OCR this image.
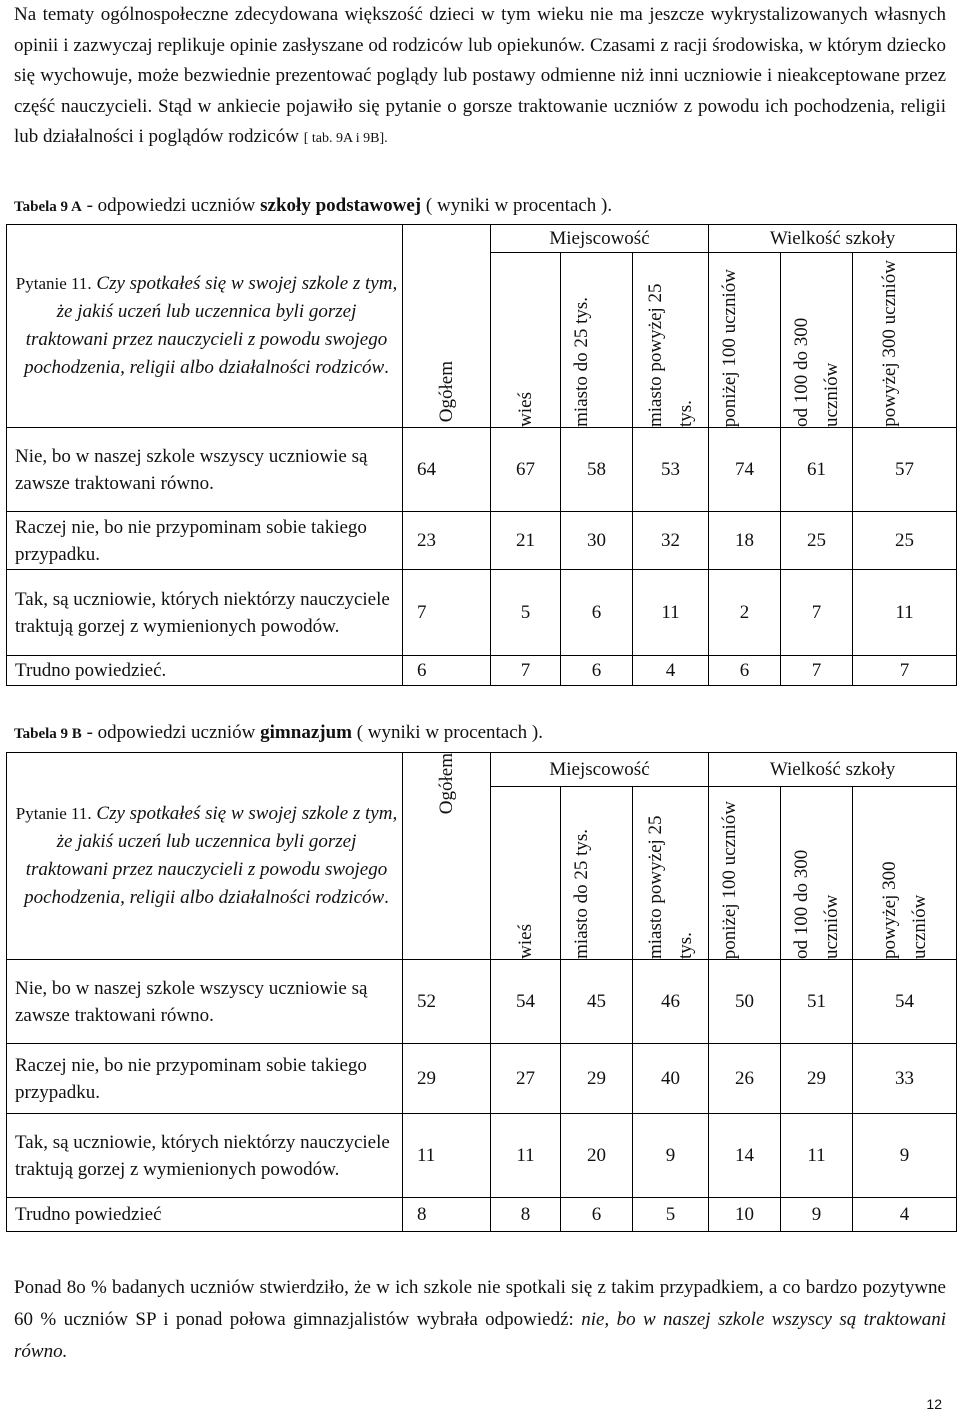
Na tematy ogólnospołeczne zdecydowana większość dzieci w tym wieku nie ma jeszcze wykrystalizowanych własnych opinii i zazwyczaj replikuje opinie zasłyszane od rodziców lub opiekunów. Czasami z racji środowiska, w którym dziecko się wychowuje, może bezwiednie prezentować poglądy lub postawy odmienne niż inni uczniowie i nieakceptowane przez część nauczycieli. Stąd w ankiecie pojawiło się pytanie o gorsze traktowanie uczniów z powodu ich pochodzenia, religii lub działalności i poglądów rodziców [ tab. 9A i 9B].
Tabela 9 A - odpowiedzi uczniów szkoły podstawowej ( wyniki w procentach ).
Pytanie 11. Czy spotkałeś się w swojej szkole z tym, że jakiś uczeń lub uczennica byli gorzej traktowani przez nauczycieli z powodu swojego pochodzenia, religii albo działalności rodziców.	Ogółem	Miejscowość			Wielkość szkoły		

		wieś	miasto do 25 tys.	miasto powyżej 25 tys.	poniżej 100 uczniów	od 100 do 300 uczniów	powyżej 300 uczniów

Nie, bo w naszej szkole wszyscy uczniowie są zawsze traktowani równo.	64	67	58	53	74	61	57
Raczej nie, bo nie przypominam sobie takiego przypadku.	23	21	30	32	18	25	25
Tak, są uczniowie, których niektórzy nauczyciele traktują gorzej z wymienionych powodów.	7	5	6	11	2	7	11
Trudno powiedzieć.	6	7	6	4	6	7	7
Tabela 9 B - odpowiedzi uczniów gimnazjum ( wyniki w procentach ).
Pytanie 11. Czy spotkałeś się w swojej szkole z tym, że jakiś uczeń lub uczennica byli gorzej traktowani przez nauczycieli z powodu swojego pochodzenia, religii albo działalności rodziców.	Ogółem	Miejscowość			Wielkość szkoły		

		wieś	miasto do 25 tys.	miasto powyżej 25 tys.	poniżej 100 uczniów	od 100 do 300 uczniów	powyżej 300 uczniów

Nie, bo w naszej szkole wszyscy uczniowie są zawsze traktowani równo.	52	54	45	46	50	51	54
Raczej nie, bo nie przypominam sobie takiego przypadku.	29	27	29	40	26	29	33
Tak, są uczniowie, których niektórzy nauczyciele traktują gorzej z wymienionych powodów.	11	11	20	9	14	11	9
Trudno powiedzieć	8	8	6	5	10	9	4
Ponad 8o % badanych uczniów stwierdziło, że w ich szkole nie spotkali się z takim przypadkiem, a co bardzo pozytywne 60 % uczniów SP i ponad połowa gimnazjalistów wybrała odpowiedź: nie, bo w naszej szkole wszyscy są traktowani równo.
12
